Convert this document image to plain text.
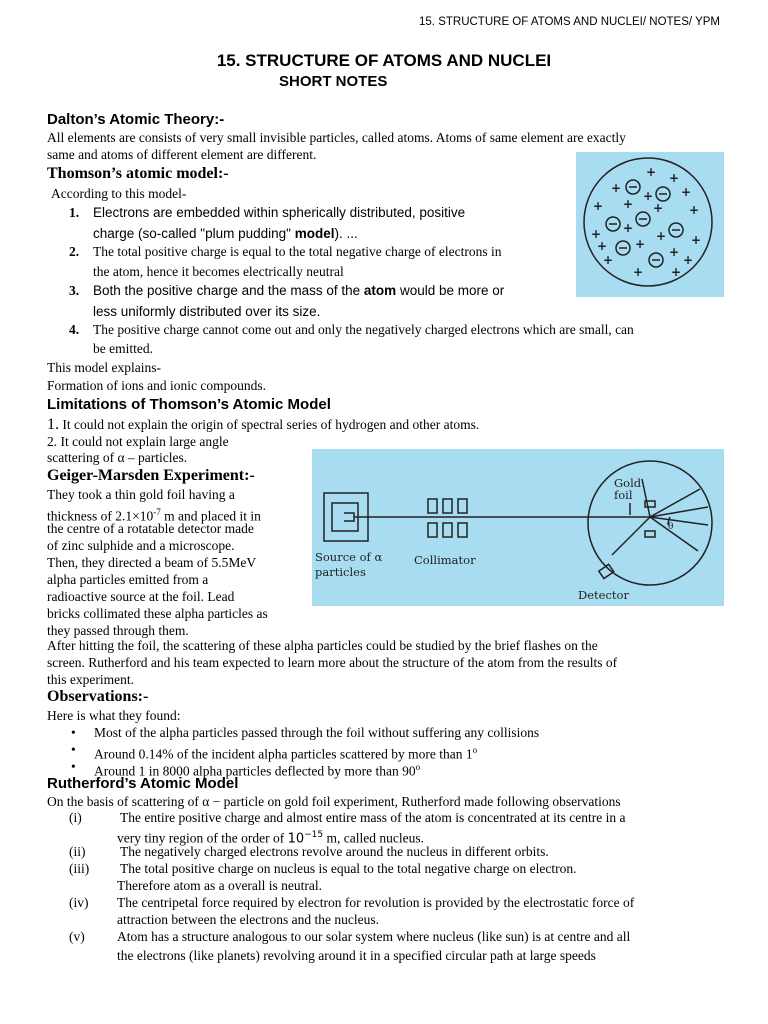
15. STRUCTURE OF ATOMS AND NUCLEI/ NOTES/ YPM
15. STRUCTURE OF ATOMS AND NUCLEI
SHORT NOTES
Dalton’s Atomic Theory:-
All elements are consists of very small invisible particles, called atoms. Atoms of same element are exactly
same and atoms of different element are different.
+
+ +
+
+ + + +
+ +
+ +
+
+
+
+
+
+
+
+
Thomson’s atomic model:-
According to this model-
1. Electrons are embedded within spherically distributed, positive
charge (so-called "plum pudding" model). ...
2. The total positive charge is equal to the total negative charge of electrons in
the atom, hence it becomes electrically neutral
3. Both the positive charge and the mass of the atom would be more or
less uniformly distributed over its size.
4. The positive charge cannot come out and only the negatively charged electrons which are small, can
be emitted.
This model explains-
Formation of ions and ionic compounds.
Limitations of Thomson’s Atomic Model
1. It could not explain the origin of spectral series of hydrogen and other atoms.
2. It could not explain large angle
scattering of α – particles.
Geiger-Marsden Experiment:-
They took a thin gold foil having a
thickness of $2.1\times 10^{-7}$ m and placed it in
the centre of a rotatable detector made
of zinc sulphide and a microscope.
Then, they directed a beam of 5.5MeV
alpha particles emitted from a
radioactive source at the foil. Lead
bricks collimated these alpha particles as
they passed through them.
Source of α
particles
Collimator
Gold
foil
Detector
θ
After hitting the foil, the scattering of these alpha particles could be studied by the brief flashes on the
screen. Rutherford and his team expected to learn more about the structure of the atom from the results of
this experiment.
Observations:-
Here is what they found:
• Most of the alpha particles passed through the foil without suffering any collisions
• Around 0.14% of the incident alpha particles scattered by more than 1$^o$
• Around 1 in 8000 alpha particles deflected by more than 90$^o$
Rutherford’s Atomic Model
On the basis of scattering of α − particle on gold foil experiment, Rutherford made following observations
(i)	The entire positive charge and almost entire mass of the atom is concentrated at its centre in a
very tiny region of the order of $10^{-15}$ m, called nucleus.
(ii)	The negatively charged electrons revolve around the nucleus in different orbits.
(iii) The total positive charge on nucleus is equal to the total negative charge on electron.
Therefore atom as a overall is neutral.
(iv) The centripetal force required by electron for revolution is provided by the electrostatic force of
attraction between the electrons and the nucleus.
(v) Atom has a structure analogous to our solar system where nucleus (like sun) is at centre and all
the electrons (like planets) revolving around it in a specified circular path at large speeds
